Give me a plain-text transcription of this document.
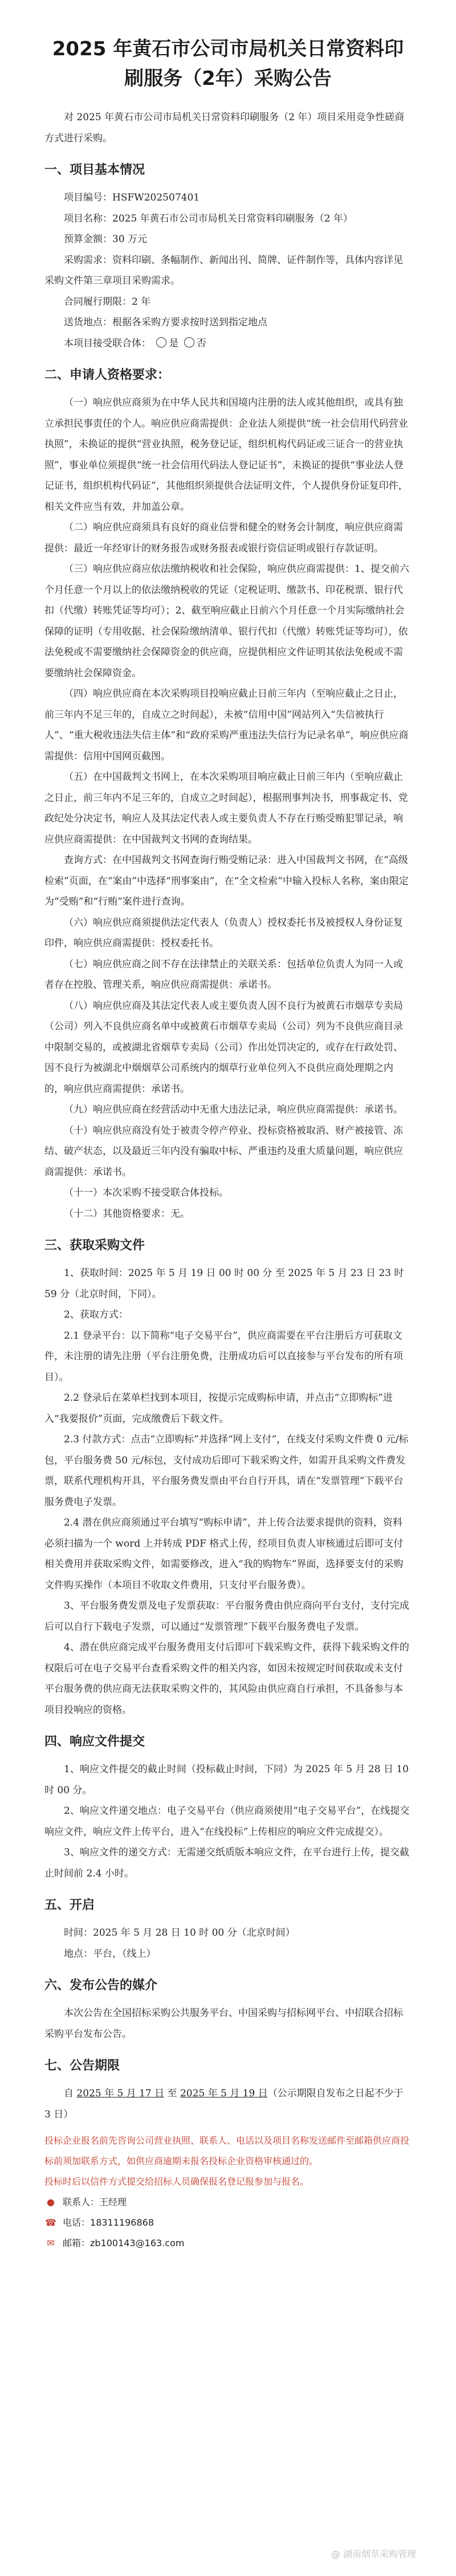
2025 年黄石市公司市局机关日常资料印刷服务（2年）采购公告

对 2025 年黄石市公司市局机关日常资料印刷服务（2 年）项目采用竞争性磋商方式进行采购。

一、项目基本情况

项目编号：HSFW202507401

项目名称：2025 年黄石市公司市局机关日常资料印刷服务（2 年）

预算金额：30 万元

采购需求：资料印刷、条幅制作、新闻出刊、简牌、证件制作等，具体内容详见采购文件第三章项目采购需求。

合同履行期限：2 年

送货地点：根据各采购方要求按时送到指定地点

本项目接受联合体： 是 否

二、申请人资格要求：

（一）响应供应商须为在中华人民共和国境内注册的法人或其他组织，或具有独立承担民事责任的个人。响应供应商需提供：企业法人须提供“统一社会信用代码营业执照”，未换证的提供“营业执照，税务登记证，组织机构代码证或三证合一的营业执照”，事业单位须提供“统一社会信用代码法人登记证书”，未换证的提供“事业法人登记证书，组织机构代码证”，其他组织须提供合法证明文件，个人提供身份证复印件，相关文件应当有效，并加盖公章。

（二）响应供应商须具有良好的商业信誉和健全的财务会计制度，响应供应商需提供：最近一年经审计的财务报告或财务报表或银行资信证明或银行存款证明。

（三）响应供应商应依法缴纳税收和社会保险，响应供应商需提供：1、提交前六个月任意一个月以上的依法缴纳税收的凭证（定税证明、缴款书、印花税票、银行代扣（代缴）转账凭证等均可）；2、截至响应截止日前六个月任意一个月实际缴纳社会保障的证明（专用收据、社会保险缴纳清单、银行代扣（代缴）转账凭证等均可），依法免税或不需要缴纳社会保障资金的供应商，应提供相应文件证明其依法免税或不需要缴纳社会保障资金。

（四）响应供应商在本次采购项目投响应截止日前三年内（至响应截止之日止，前三年内不足三年的，自成立之时间起），未被“信用中国”网站列入“失信被执行人”、“重大税收违法失信主体”和“政府采购严重违法失信行为记录名单”，响应供应商需提供：信用中国网页截图。

（五）在中国裁判文书网上，在本次采购项目响应截止日前三年内（至响应截止之日止，前三年内不足三年的，自成立之时间起），根据刑事判决书，刑事裁定书、党政纪处分决定书，响应人及其法定代表人或主要负责人不存在行贿受贿犯罪记录，响应供应商需提供：在中国裁判文书网的查询结果。

查询方式：在中国裁判文书网查询行贿受贿记录：进入中国裁判文书网，在“高级检索”页面，在“案由”中选择“刑事案由”，在“全文检索”中输入投标人名称，案由限定为“受贿”和“行贿”案件进行查询。

（六）响应供应商须提供法定代表人（负责人）授权委托书及被授权人身份证复印件，响应供应商需提供：授权委托书。

（七）响应供应商之间不存在法律禁止的关联关系：包括单位负责人为同一人或者存在控股、管理关系，响应供应商需提供：承诺书。

（八）响应供应商及其法定代表人或主要负责人因不良行为被黄石市烟草专卖局（公司）列入不良供应商名单中或被黄石市烟草专卖局（公司）列为不良供应商目录中限制交易的，或被湖北省烟草专卖局（公司）作出处罚决定的，或存在行政处罚、因不良行为被湖北中烟烟草公司系统内的烟草行业单位列入不良供应商处理期之内的，响应供应商需提供：承诺书。

（九）响应供应商在经营活动中无重大违法记录，响应供应商需提供：承诺书。

（十）响应供应商没有处于被责令停产停业、投标资格被取消、财产被接管、冻结、破产状态，以及最近三年内没有骗取中标、严重违约及重大质量问题，响应供应商需提供：承诺书。

（十一）本次采购不接受联合体投标。

（十二）其他资格要求：无。

三、获取采购文件

1、获取时间：2025 年 5 月 19 日 00 时 00 分 至 2025 年 5 月 23 日 23 时 59 分（北京时间，下同）。

2、获取方式：

2.1 登录平台：以下简称“电子交易平台”，供应商需要在平台注册后方可获取文件，未注册的请先注册（平台注册免费，注册成功后可以直接参与平台发布的所有项目）。

2.2 登录后在菜单栏找到本项目，按提示完成购标申请，并点击“立即购标”进入“我要报价”页面，完成缴费后下载文件。

2.3 付款方式：点击“立即购标”并选择“网上支付”，在线支付采购文件费 0 元/标包，平台服务费 50 元/标包，支付成功后即可下载采购文件，如需开具采购文件费发票，联系代理机构开具，平台服务费发票由平台自行开具，请在“发票管理”下载平台服务费电子发票。

2.4 潜在供应商须通过平台填写“购标申请”，并上传合法要求提供的资料，资料必须扫描为一个 word 上并转成 PDF 格式上传，经项目负责人审核通过后即可支付相关费用并获取采购文件，如需要修改，进入“我的购物车”界面，选择要支付的采购文件购买操作（本项目不收取文件费用，只支付平台服务费）。

3、平台服务费发票及电子发票获取：平台服务费由供应商向平台支付，支付完成后可以自行下载电子发票，可以通过“发票管理”下载平台服务费电子发票。

4、潜在供应商完成平台服务费用支付后即可下载采购文件，获得下载采购文件的权限后可在电子交易平台查看采购文件的相关内容，如因未按规定时间获取或未支付平台服务费的供应商无法获取采购文件的，其风险由供应商自行承担，不具备参与本项目投响应的资格。

四、响应文件提交

1、响应文件提交的截止时间（投标截止时间，下同）为 2025 年 5 月 28 日 10 时 00 分。

2、响应文件递交地点：电子交易平台（供应商须使用“电子交易平台”，在线提交响应文件，响应文件上传平台，进入“在线投标”上传相应的响应文件完成提交）。

3、响应文件的递交方式：无需递交纸质版本响应文件，在平台进行上传，提交截止时间前 2.4 小时。

五、开启

时间：2025 年 5 月 28 日 10 时 00 分（北京时间）

地点：平台，（线上）

六、发布公告的媒介

本次公告在全国招标采购公共服务平台、中国采购与招标网平台、中招联合招标采购平台发布公告。

七、公告期限

自 2025 年 5 月 17 日 至 2025 年 5 月 19 日（公示期限自发布之日起不少于 3 日）

投标企业报名前先咨询公司营业执照、联系人、电话以及项目名称发送邮件至邮箱供应商投标前须加联系方式，如供应商逾期未报名投标企业资格审核通过的。

投标时后以信件方式提交给招标人员确保报名登记报参加与报名。

● 联系人： 王经理
☎ 电话： 18311196868
✉ 邮箱： zb100143@163.com
@ 湖南烟草采购管理
